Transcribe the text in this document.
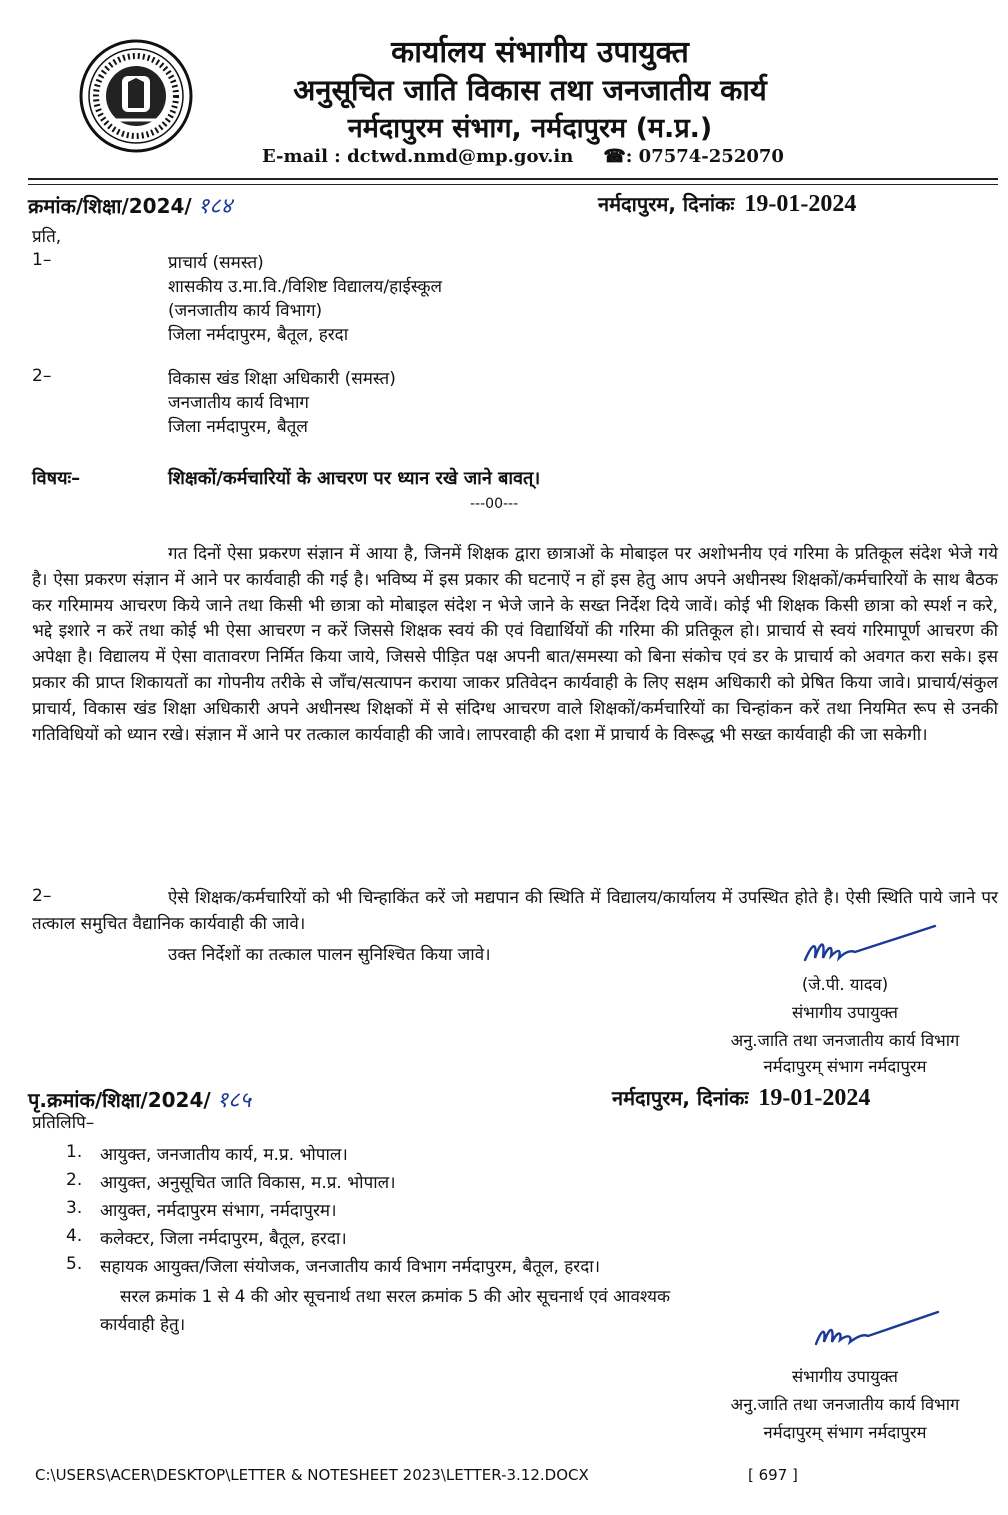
कार्यालय संभागीय उपायुक्त
अनुसूचित जाति विकास तथा जनजातीय कार्य
नर्मदापुरम संभाग, नर्मदापुरम (म.प्र.)
E-mail : dctwd.nmd@mp.gov.in ☎: 07574-252070
क्रमांक/शिक्षा/2024/ १८४	नर्मदापुरम, दिनांकः 19-01-2024
प्रति,
1–	प्राचार्य (समस्त)
शासकीय उ.मा.वि./विशिष्ट विद्यालय/हाईस्कूल
(जनजातीय कार्य विभाग)
जिला नर्मदापुरम, बैतूल, हरदा
2–	विकास खंड शिक्षा अधिकारी (समस्त)
जनजातीय कार्य विभाग
जिला नर्मदापुरम, बैतूल
विषयः–	शिक्षकों/कर्मचारियों के आचरण पर ध्यान रखे जाने बावत्।
---00---
गत दिनों ऐसा प्रकरण संज्ञान में आया है, जिनमें शिक्षक द्वारा छात्राओं के मोबाइल पर अशोभनीय एवं गरिमा के प्रतिकूल संदेश भेजे गये है। ऐसा प्रकरण संज्ञान में आने पर कार्यवाही की गई है। भविष्य में इस प्रकार की घटनाऐं न हों इस हेतु आप अपने अधीनस्थ शिक्षकों/कर्मचारियों के साथ बैठक कर गरिमामय आचरण किये जाने तथा किसी भी छात्रा को मोबाइल संदेश न भेजे जाने के सख्त निर्देश दिये जावें। कोई भी शिक्षक किसी छात्रा को स्पर्श न करे, भद्दे इशारे न करें तथा कोई भी ऐसा आचरण न करें जिससे शिक्षक स्वयं की एवं विद्यार्थियों की गरिमा की प्रतिकूल हो। प्राचार्य से स्वयं गरिमापूर्ण आचरण की अपेक्षा है। विद्यालय में ऐसा वातावरण निर्मित किया जाये, जिससे पीड़ित पक्ष अपनी बात/समस्या को बिना संकोच एवं डर के प्राचार्य को अवगत करा सके। इस प्रकार की प्राप्त शिकायतों का गोपनीय तरीके से जाँच/सत्यापन कराया जाकर प्रतिवेदन कार्यवाही के लिए सक्षम अधिकारी को प्रेषित किया जावे। प्राचार्य/संकुल प्राचार्य, विकास खंड शिक्षा अधिकारी अपने अधीनस्थ शिक्षकों में से संदिग्ध आचरण वाले शिक्षकों/कर्मचारियों का चिन्हांकन करें तथा नियमित रूप से उनकी गतिविधियों को ध्यान रखे। संज्ञान में आने पर तत्काल कार्यवाही की जावे। लापरवाही की दशा में प्राचार्य के विरूद्ध भी सख्त कार्यवाही की जा सकेगी।
2–	ऐसे शिक्षक/कर्मचारियों को भी चिन्हाकिंत करें जो मद्यपान की स्थिति में विद्यालय/कार्यालय में उपस्थित होते है। ऐसी स्थिति पाये जाने पर तत्काल समुचित वैद्यानिक कार्यवाही की जावे।
उक्त निर्देशों का तत्काल पालन सुनिश्चित किया जावे।
(जे.पी. यादव)
संभागीय उपायुक्त
अनु.जाति तथा जनजातीय कार्य विभाग
नर्मदापुरम् संभाग नर्मदापुरम
पृ.क्रमांक/शिक्षा/2024/ १८५	नर्मदापुरम, दिनांकः 19-01-2024
प्रतिलिपि–
1. आयुक्त, जनजातीय कार्य, म.प्र. भोपाल।
2. आयुक्त, अनुसूचित जाति विकास, म.प्र. भोपाल।
3. आयुक्त, नर्मदापुरम संभाग, नर्मदापुरम।
4. कलेक्टर, जिला नर्मदापुरम, बैतूल, हरदा।
5. सहायक आयुक्त/जिला संयोजक, जनजातीय कार्य विभाग नर्मदापुरम, बैतूल, हरदा।
सरल क्रमांक 1 से 4 की ओर सूचनार्थ तथा सरल क्रमांक 5 की ओर सूचनार्थ एवं आवश्यक
कार्यवाही हेतु।
संभागीय उपायुक्त
अनु.जाति तथा जनजातीय कार्य विभाग
नर्मदापुरम् संभाग नर्मदापुरम
C:\USERS\ACER\DESKTOP\LETTER & NOTESHEET 2023\LETTER-3.12.DOCX	[ 697 ]
